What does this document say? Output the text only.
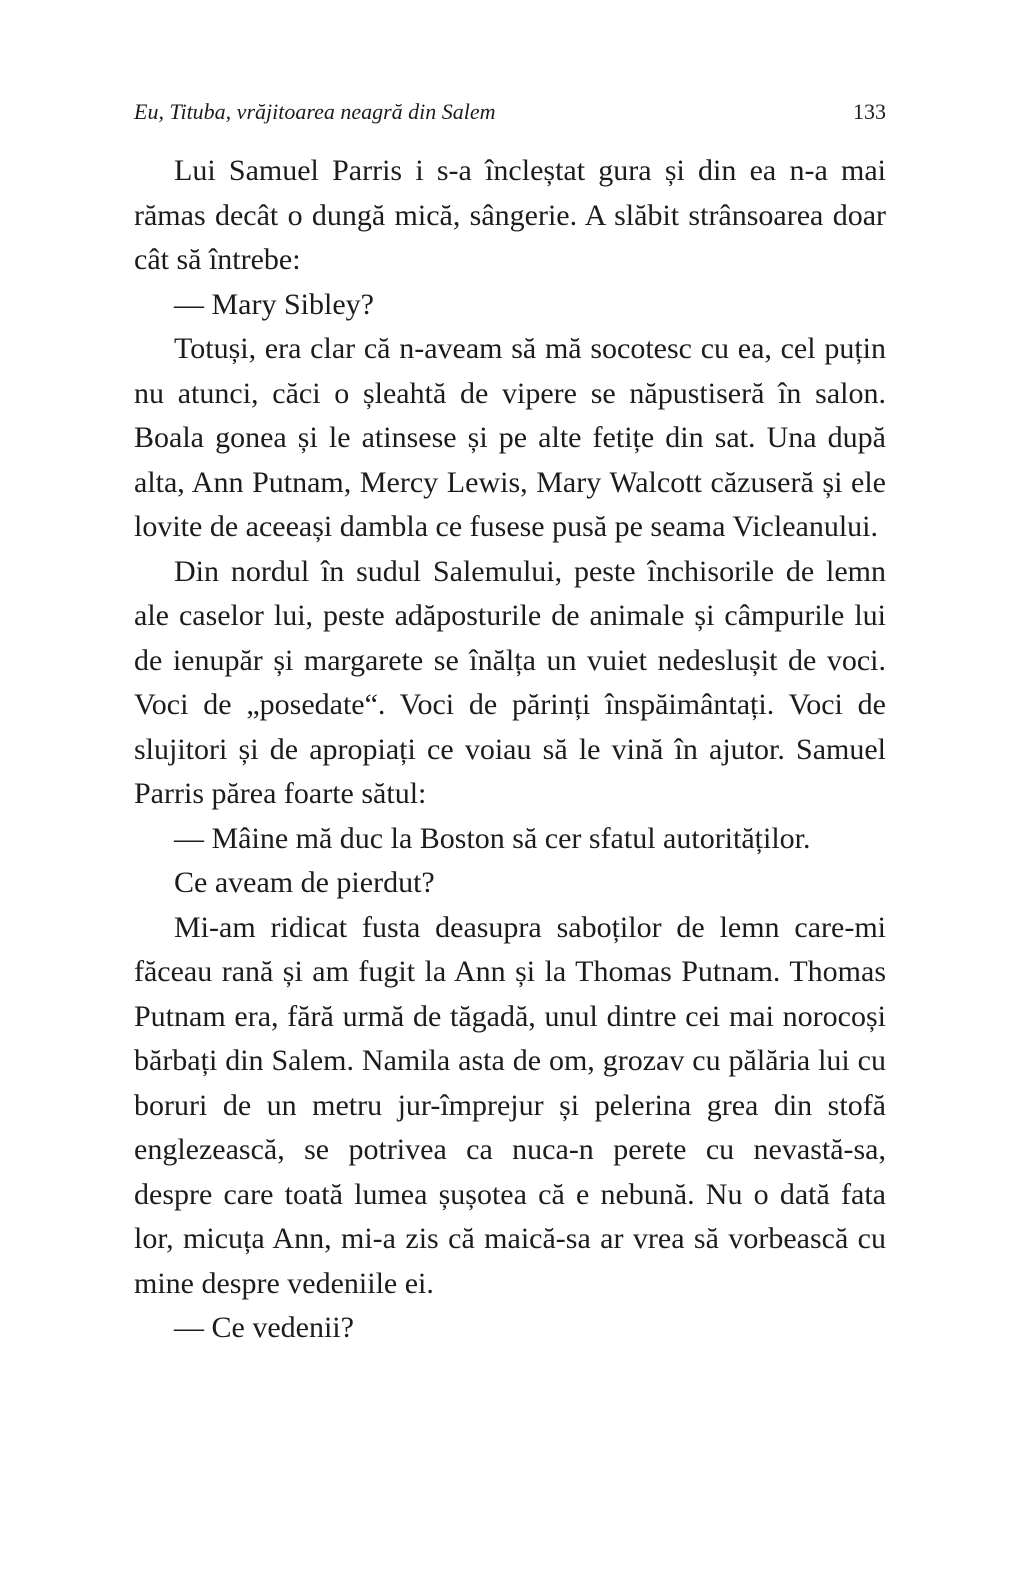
Eu, Tituba, vrăjitoarea neagră din Salem	133

Lui Samuel Parris i s-a încleștat gura și din ea n-a mai rămas decât o dungă mică, sângerie. A slăbit strânsoarea doar cât să întrebe:

— Mary Sibley?

Totuși, era clar că n-aveam să mă socotesc cu ea, cel puțin nu atunci, căci o șleahtă de vipere se năpustiseră în salon. Boala gonea și le atinsese și pe alte fetițe din sat. Una după alta, Ann Putnam, Mercy Lewis, Mary Walcott căzuseră și ele lovite de aceeași dambla ce fusese pusă pe seama Vicleanului.

Din nordul în sudul Salemului, peste închisorile de lemn ale caselor lui, peste adăposturile de animale și câmpurile lui de ienupăr și margarete se înălța un vuiet nedeslușit de voci. Voci de „posedate“. Voci de părinți înspăimântați. Voci de slujitori și de apropiați ce voiau să le vină în ajutor. Samuel Parris părea foarte sătul:

— Mâine mă duc la Boston să cer sfatul autorităților.

Ce aveam de pierdut?

Mi-am ridicat fusta deasupra saboților de lemn care-mi făceau rană și am fugit la Ann și la Thomas Putnam. Thomas Putnam era, fără urmă de tăgadă, unul dintre cei mai norocoși bărbați din Salem. Namila asta de om, grozav cu pălăria lui cu boruri de un metru jur-împrejur și pelerina grea din stofă englezească, se potrivea ca nuca-n perete cu nevastă-sa, despre care toată lumea șușotea că e nebună. Nu o dată fata lor, micuța Ann, mi-a zis că maică-sa ar vrea să vorbească cu mine despre vedeniile ei.

— Ce vedenii?
